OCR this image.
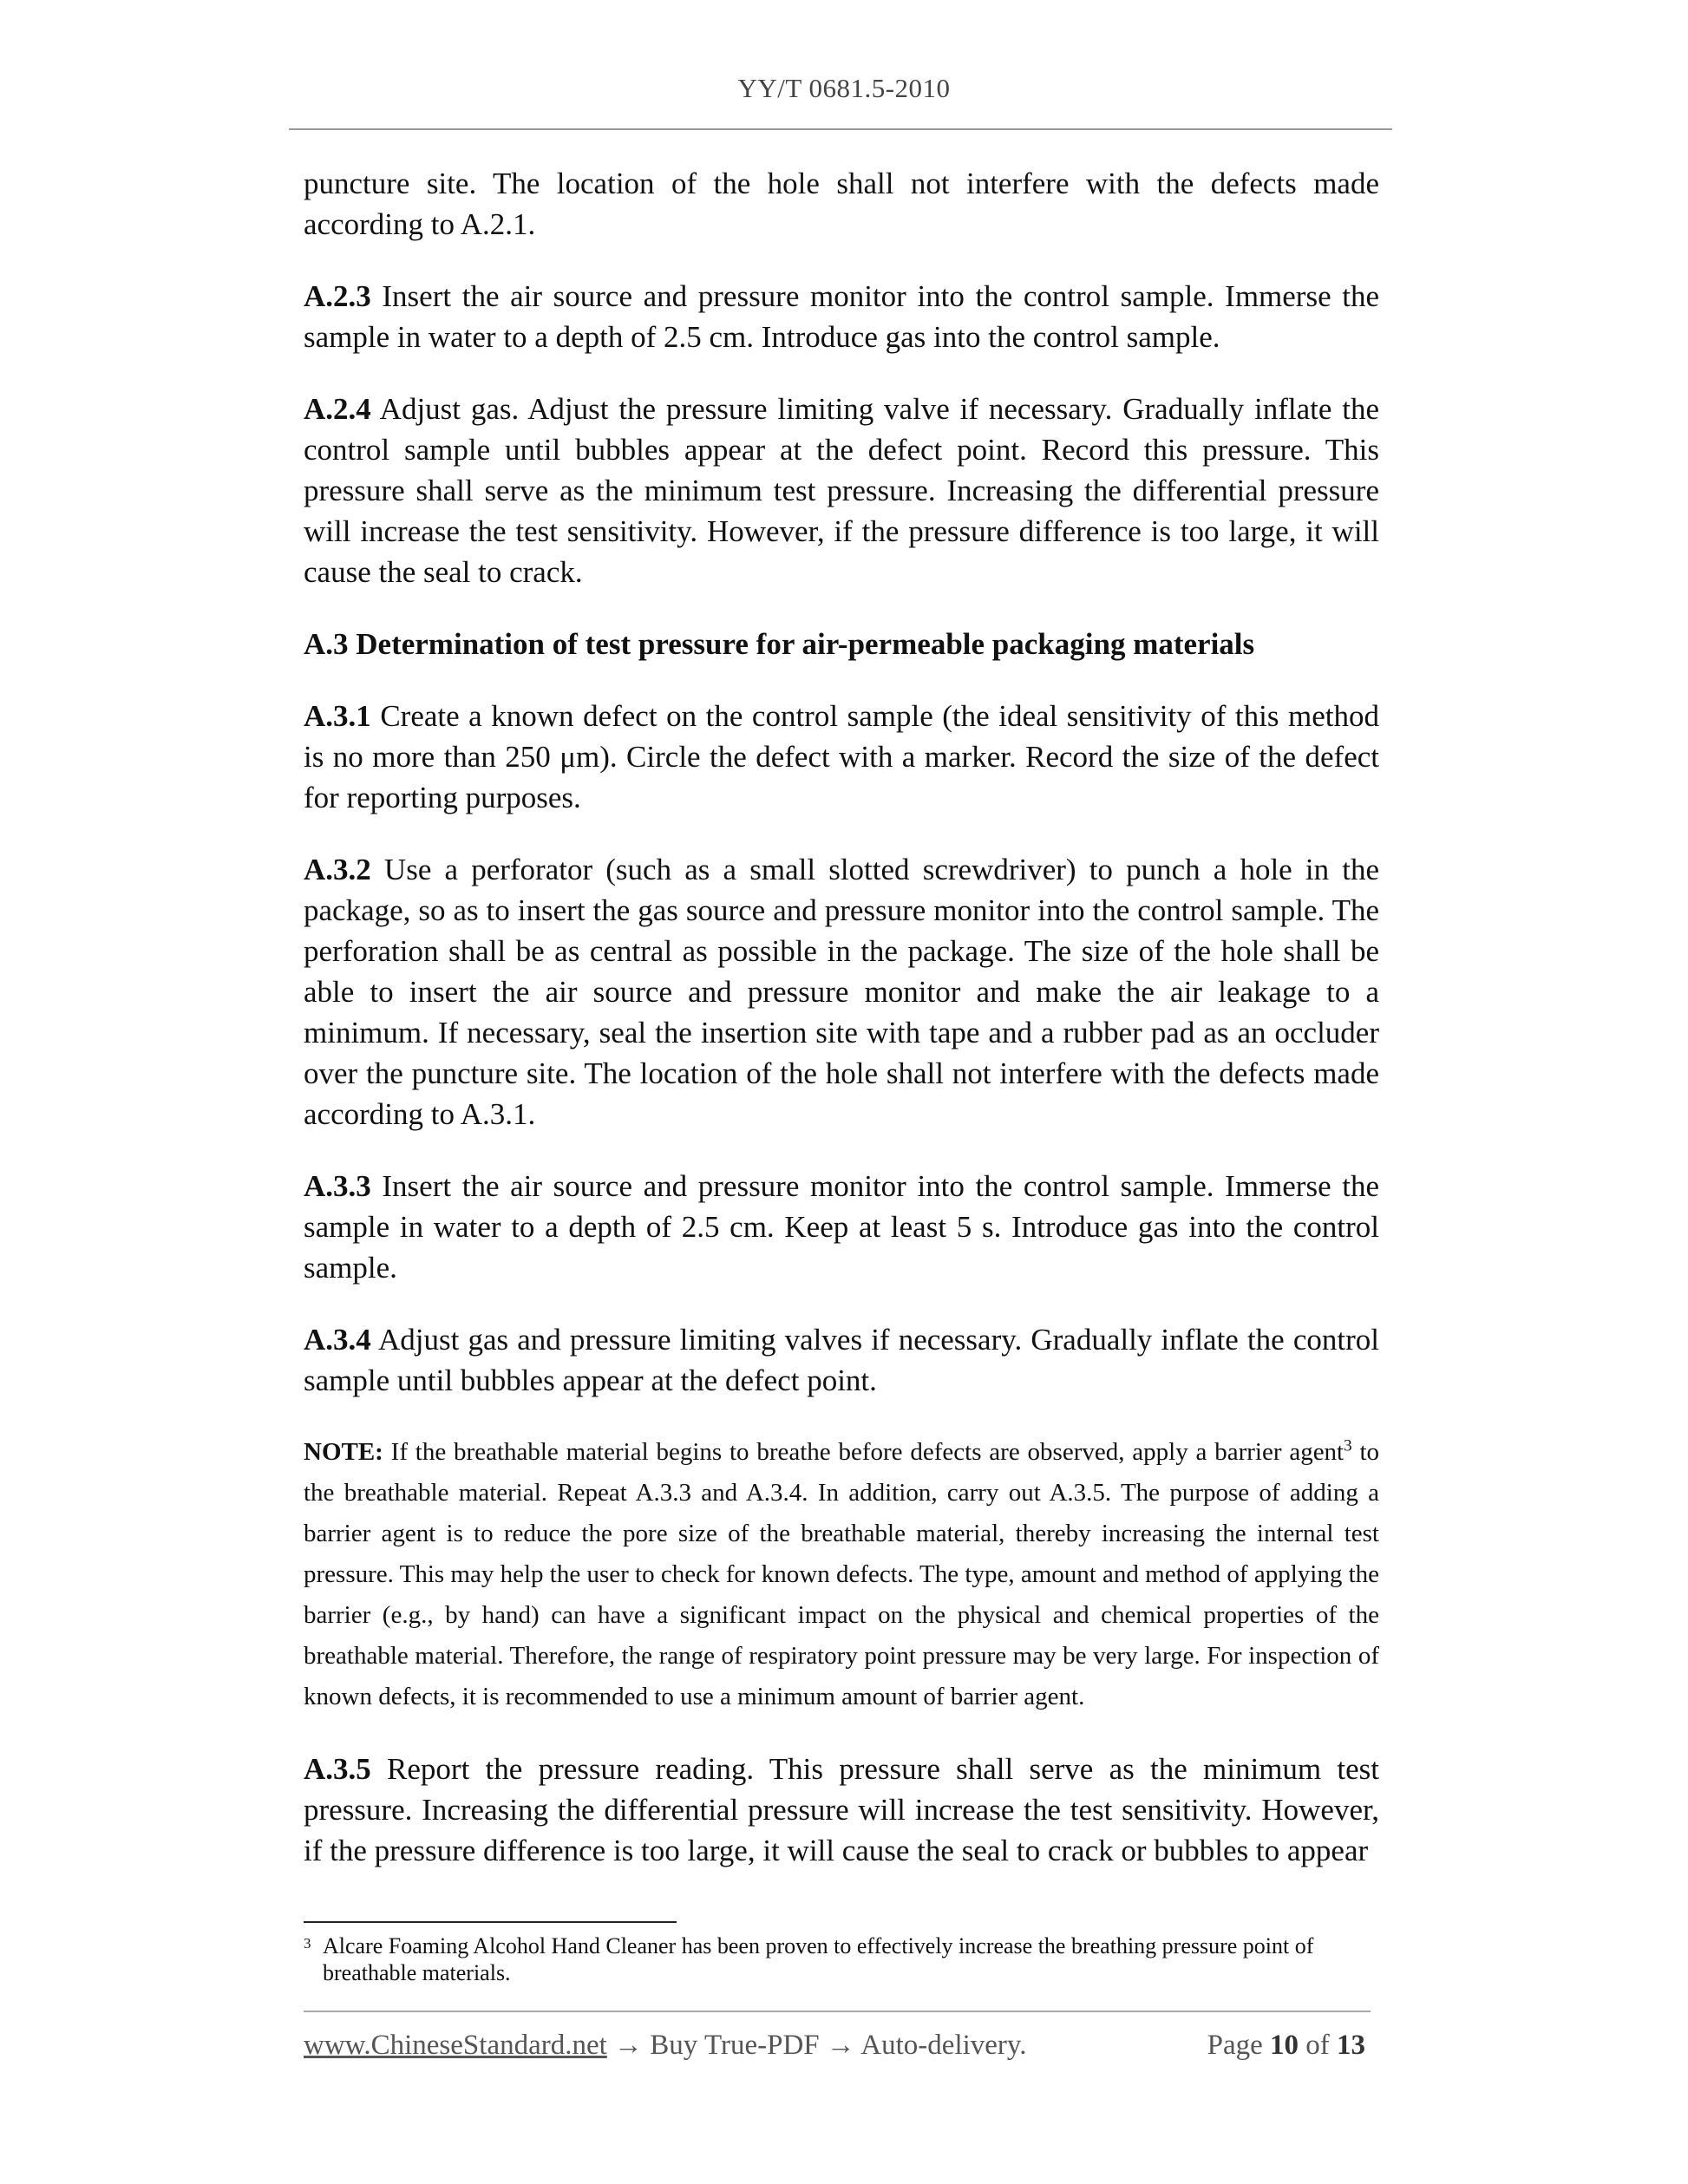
YY/T 0681.5-2010

puncture site. The location of the hole shall not interfere with the defects made according to A.2.1.

A.2.3 Insert the air source and pressure monitor into the control sample. Immerse the sample in water to a depth of 2.5 cm. Introduce gas into the control sample.

A.2.4 Adjust gas. Adjust the pressure limiting valve if necessary. Gradually inflate the control sample until bubbles appear at the defect point. Record this pressure. This pressure shall serve as the minimum test pressure. Increasing the differential pressure will increase the test sensitivity. However, if the pressure difference is too large, it will cause the seal to crack.

A.3 Determination of test pressure for air-permeable packaging materials

A.3.1 Create a known defect on the control sample (the ideal sensitivity of this method is no more than 250 μm). Circle the defect with a marker. Record the size of the defect for reporting purposes.

A.3.2 Use a perforator (such as a small slotted screwdriver) to punch a hole in the package, so as to insert the gas source and pressure monitor into the control sample. The perforation shall be as central as possible in the package. The size of the hole shall be able to insert the air source and pressure monitor and make the air leakage to a minimum. If necessary, seal the insertion site with tape and a rubber pad as an occluder over the puncture site. The location of the hole shall not interfere with the defects made according to A.3.1.

A.3.3 Insert the air source and pressure monitor into the control sample. Immerse the sample in water to a depth of 2.5 cm. Keep at least 5 s. Introduce gas into the control sample.

A.3.4 Adjust gas and pressure limiting valves if necessary. Gradually inflate the control sample until bubbles appear at the defect point.

NOTE: If the breathable material begins to breathe before defects are observed, apply a barrier agent$^3$ to the breathable material. Repeat A.3.3 and A.3.4. In addition, carry out A.3.5. The purpose of adding a barrier agent is to reduce the pore size of the breathable material, thereby increasing the internal test pressure. This may help the user to check for known defects. The type, amount and method of applying the barrier (e.g., by hand) can have a significant impact on the physical and chemical properties of the breathable material. Therefore, the range of respiratory point pressure may be very large. For inspection of known defects, it is recommended to use a minimum amount of barrier agent.

A.3.5 Report the pressure reading. This pressure shall serve as the minimum test pressure. Increasing the differential pressure will increase the test sensitivity. However, if the pressure difference is too large, it will cause the seal to crack or bubbles to appear

3 Alcare Foaming Alcohol Hand Cleaner has been proven to effectively increase the breathing pressure point of breathable materials.
www.ChineseStandard.net → Buy True-PDF → Auto-delivery.	Page 10 of 13
